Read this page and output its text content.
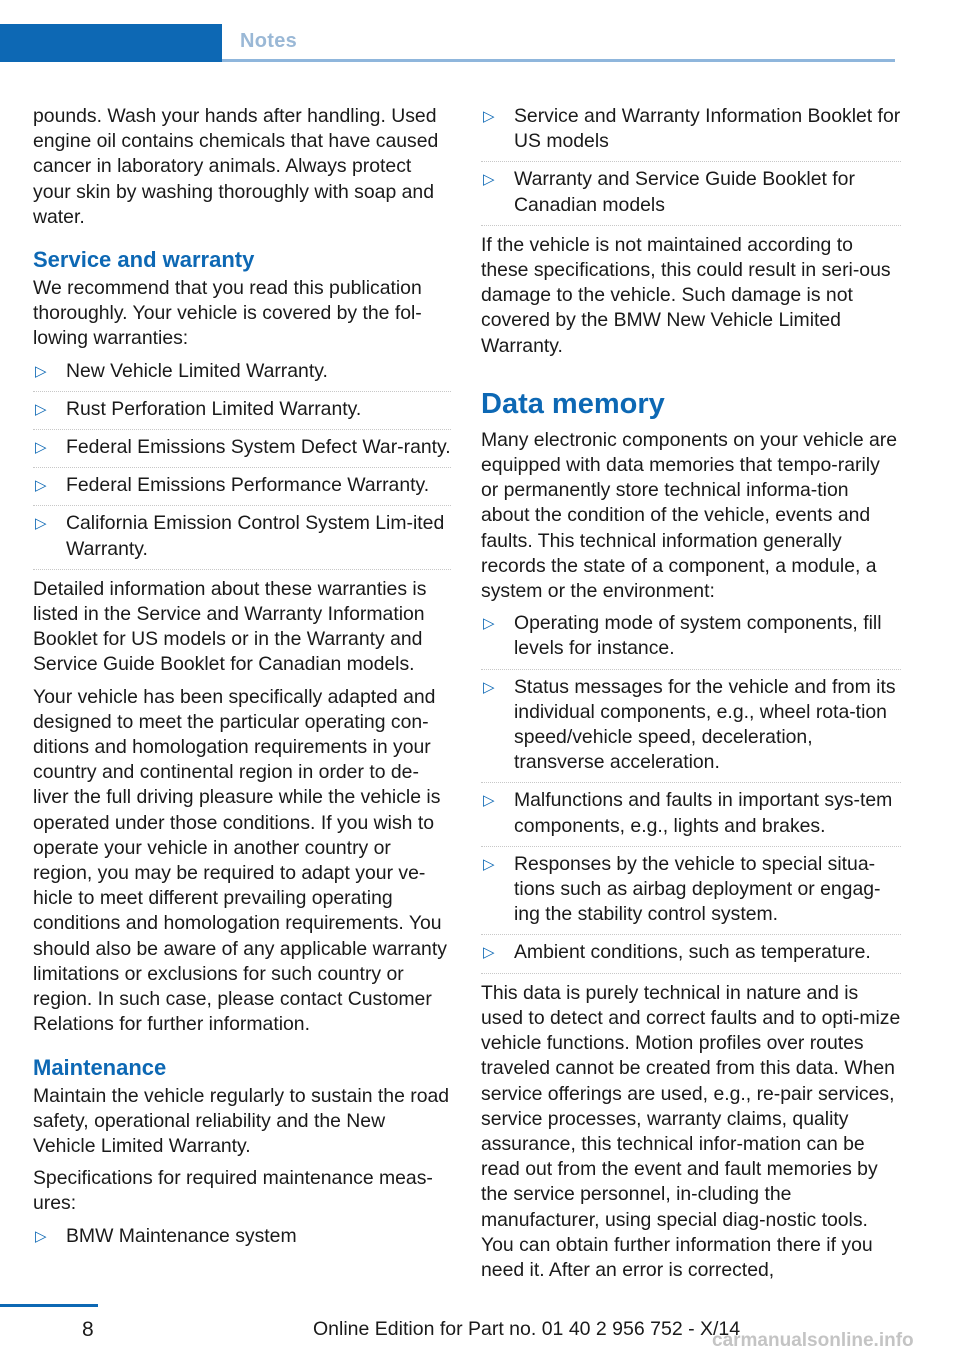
Notes

pounds. Wash your hands after handling. Used engine oil contains chemicals that have caused cancer in laboratory animals. Always protect your skin by washing thoroughly with soap and water.

Service and warranty

We recommend that you read this publication thoroughly. Your vehicle is covered by the fol-lowing warranties:

▷ New Vehicle Limited Warranty.
▷ Rust Perforation Limited Warranty.
▷ Federal Emissions System Defect War-ranty.
▷ Federal Emissions Performance Warranty.
▷ California Emission Control System Lim-ited Warranty.

Detailed information about these warranties is listed in the Service and Warranty Information Booklet for US models or in the Warranty and Service Guide Booklet for Canadian models.

Your vehicle has been specifically adapted and designed to meet the particular operating con-ditions and homologation requirements in your country and continental region in order to de-liver the full driving pleasure while the vehicle is operated under those conditions. If you wish to operate your vehicle in another country or region, you may be required to adapt your ve-hicle to meet different prevailing operating conditions and homologation requirements. You should also be aware of any applicable warranty limitations or exclusions for such country or region. In such case, please contact Customer Relations for further information.

Maintenance

Maintain the vehicle regularly to sustain the road safety, operational reliability and the New Vehicle Limited Warranty.

Specifications for required maintenance meas-ures:

▷ BMW Maintenance system
▷ Service and Warranty Information Booklet for US models
▷ Warranty and Service Guide Booklet for Canadian models

If the vehicle is not maintained according to these specifications, this could result in seri-ous damage to the vehicle. Such damage is not covered by the BMW New Vehicle Limited Warranty.

Data memory

Many electronic components on your vehicle are equipped with data memories that tempo-rarily or permanently store technical informa-tion about the condition of the vehicle, events and faults. This technical information generally records the state of a component, a module, a system or the environment:

▷ Operating mode of system components, fill levels for instance.
▷ Status messages for the vehicle and from its individual components, e.g., wheel rota-tion speed/vehicle speed, deceleration, transverse acceleration.
▷ Malfunctions and faults in important sys-tem components, e.g., lights and brakes.
▷ Responses by the vehicle to special situa-tions such as airbag deployment or engag-ing the stability control system.
▷ Ambient conditions, such as temperature.

This data is purely technical in nature and is used to detect and correct faults and to opti-mize vehicle functions. Motion profiles over routes traveled cannot be created from this data. When service offerings are used, e.g., re-pair services, service processes, warranty claims, quality assurance, this technical infor-mation can be read out from the event and fault memories by the service personnel, in-cluding the manufacturer, using special diag-nostic tools. You can obtain further information there if you need it. After an error is corrected,

8	Online Edition for Part no. 01 40 2 956 752 - X/14
carmanualsonline.info
